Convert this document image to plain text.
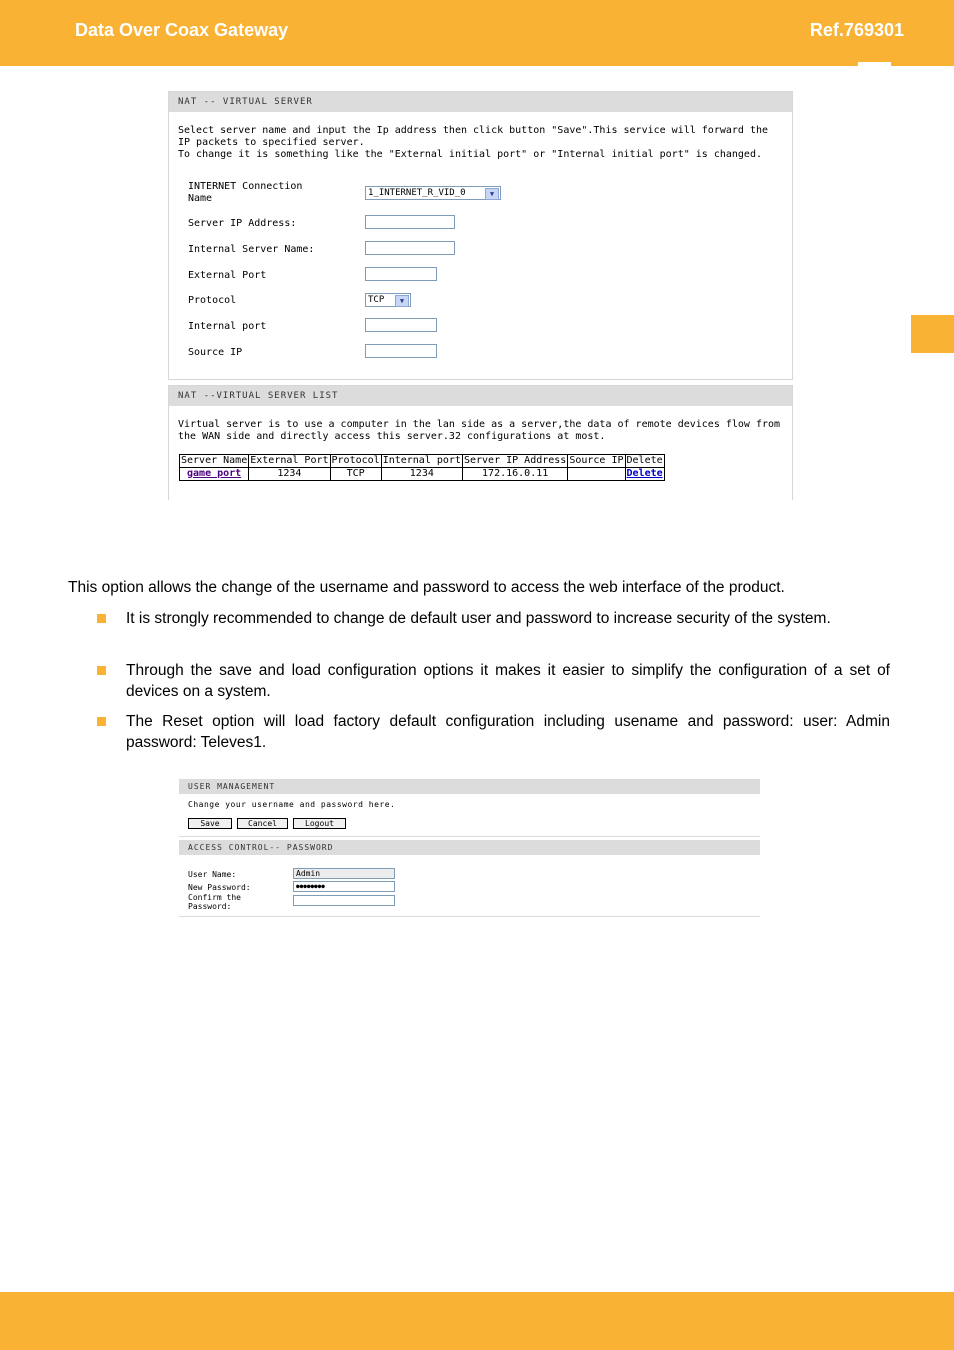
Data Over Coax Gateway	Ref.769301
NAT -- VIRTUAL SERVER
Select server name and input the Ip address then click button "Save".This service will forward the
IP packets to specified server.
To change it is something like the "External initial port" or "Internal initial port" is changed.
INTERNET Connection
Name	1_INTERNET_R_VID_0	▼
Server IP Address:
Internal Server Name:
External Port
Protocol	TCP	▼
Internal port
Source IP
NAT --VIRTUAL SERVER LIST
Virtual server is to use a computer in the lan side as a server,the data of remote devices flow from
the WAN side and directly access this server.32 configurations at most.
Server Name	External Port	Protocol	Internal port	Server IP Address	Source IP	Delete
game port	1234	TCP	1234	172.16.0.11		Delete
This option allows the change of the username and password to access the web interface of the product.
It is strongly recommended to change de default user and password to increase security of the system.
Through the save and load configuration options it makes it easier to simplify the configuration of a set of devices on a system.
The Reset option will load factory default configuration including usename and password: user: Admin password: Televes1.
USER MANAGEMENT
Change your username and password here.
Save	Cancel	Logout
ACCESS CONTROL-- PASSWORD
User Name:	Admin
New Password:	●●●●●●●●
Confirm the
Password:
